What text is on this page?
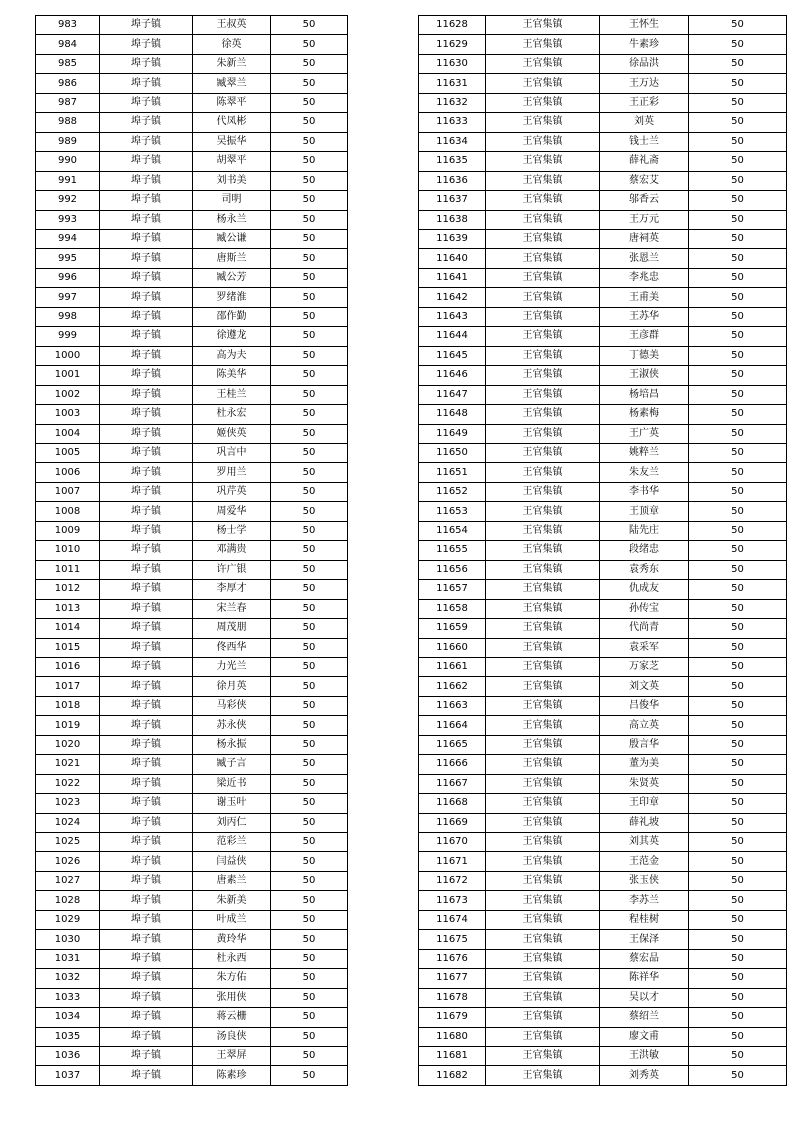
983	埠子镇	王叔英	50
984	埠子镇	徐英	50
985	埠子镇	朱新兰	50
986	埠子镇	臧翠兰	50
987	埠子镇	陈翠平	50
988	埠子镇	代凤彬	50
989	埠子镇	吴振华	50
990	埠子镇	胡翠平	50
991	埠子镇	刘书美	50
992	埠子镇	司明	50
993	埠子镇	杨永兰	50
994	埠子镇	臧公谦	50
995	埠子镇	唐斯兰	50
996	埠子镇	臧公芳	50
997	埠子镇	罗绪淮	50
998	埠子镇	邵作勤	50
999	埠子镇	徐遵龙	50
1000	埠子镇	高为夫	50
1001	埠子镇	陈美华	50
1002	埠子镇	王桂兰	50
1003	埠子镇	杜永宏	50
1004	埠子镇	姬侠英	50
1005	埠子镇	巩言中	50
1006	埠子镇	罗用兰	50
1007	埠子镇	巩芹英	50
1008	埠子镇	周爱华	50
1009	埠子镇	杨士学	50
1010	埠子镇	邓满贵	50
1011	埠子镇	许广银	50
1012	埠子镇	李厚才	50
1013	埠子镇	宋兰春	50
1014	埠子镇	周茂朋	50
1015	埠子镇	佟西华	50
1016	埠子镇	力光兰	50
1017	埠子镇	徐月英	50
1018	埠子镇	马彩侠	50
1019	埠子镇	苏永侠	50
1020	埠子镇	杨永振	50
1021	埠子镇	臧子言	50
1022	埠子镇	梁近书	50
1023	埠子镇	谢玉叶	50
1024	埠子镇	刘丙仁	50
1025	埠子镇	范彩兰	50
1026	埠子镇	闫益侠	50
1027	埠子镇	唐素兰	50
1028	埠子镇	朱新美	50
1029	埠子镇	叶成兰	50
1030	埠子镇	黄玲华	50
1031	埠子镇	杜永西	50
1032	埠子镇	朱方佑	50
1033	埠子镇	张用侠	50
1034	埠子镇	蒋云栅	50
1035	埠子镇	汤良侠	50
1036	埠子镇	王翠屏	50
1037	埠子镇	陈素珍	50
11628	王官集镇	王怀生	50
11629	王官集镇	牛素珍	50
11630	王官集镇	徐品洪	50
11631	王官集镇	王万达	50
11632	王官集镇	王正彩	50
11633	王官集镇	刘英	50
11634	王官集镇	钱士兰	50
11635	王官集镇	薛礼斋	50
11636	王官集镇	蔡宏艾	50
11637	王官集镇	邬香云	50
11638	王官集镇	王万元	50
11639	王官集镇	唐祠英	50
11640	王官集镇	张恩兰	50
11641	王官集镇	李兆忠	50
11642	王官集镇	王甫美	50
11643	王官集镇	王苏华	50
11644	王官集镇	王彦群	50
11645	王官集镇	丁德美	50
11646	王官集镇	王淑侠	50
11647	王官集镇	杨培昌	50
11648	王官集镇	杨素梅	50
11649	王官集镇	王广英	50
11650	王官集镇	姚粹兰	50
11651	王官集镇	朱友兰	50
11652	王官集镇	李书华	50
11653	王官集镇	王顶章	50
11654	王官集镇	陆先庄	50
11655	王官集镇	段绪忠	50
11656	王官集镇	袁秀东	50
11657	王官集镇	仇成友	50
11658	王官集镇	孙传宝	50
11659	王官集镇	代尚青	50
11660	王官集镇	袁采军	50
11661	王官集镇	万家芝	50
11662	王官集镇	刘文英	50
11663	王官集镇	吕俊华	50
11664	王官集镇	高立英	50
11665	王官集镇	殷言华	50
11666	王官集镇	董为美	50
11667	王官集镇	朱贤英	50
11668	王官集镇	王印章	50
11669	王官集镇	薛礼坡	50
11670	王官集镇	刘其英	50
11671	王官集镇	王范金	50
11672	王官集镇	张玉侠	50
11673	王官集镇	李苏兰	50
11674	王官集镇	程桂树	50
11675	王官集镇	王保泽	50
11676	王官集镇	蔡宏品	50
11677	王官集镇	陈祥华	50
11678	王官集镇	吴以才	50
11679	王官集镇	蔡绍兰	50
11680	王官集镇	廖文甫	50
11681	王官集镇	王洪敏	50
11682	王官集镇	刘秀英	50
